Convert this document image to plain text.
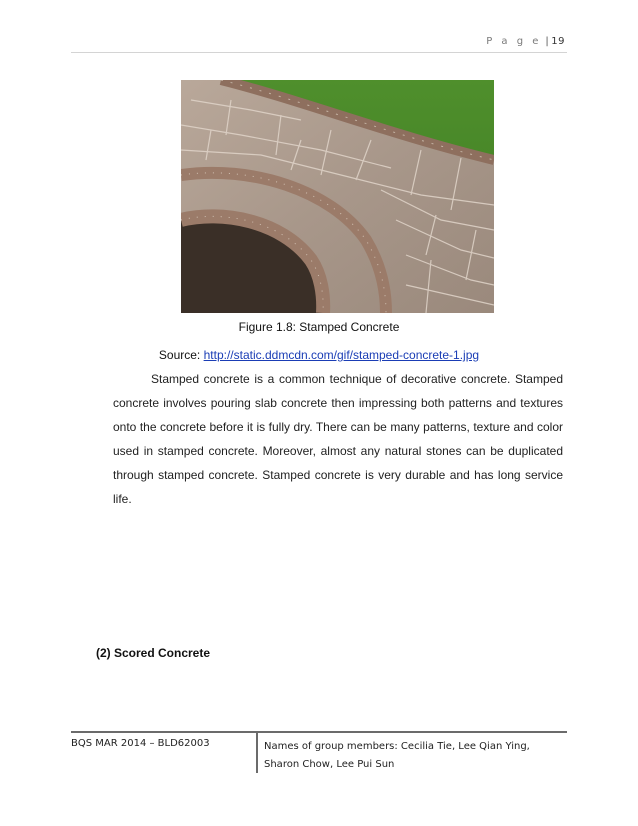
P a g e | 19
Figure 1.8: Stamped Concrete
Source: http://static.ddmcdn.com/gif/stamped-concrete-1.jpg

Stamped concrete is a common technique of decorative concrete. Stamped concrete involves pouring slab concrete then impressing both patterns and textures onto the concrete before it is fully dry. There can be many patterns, texture and color used in stamped concrete. Moreover, almost any natural stones can be duplicated through stamped concrete. Stamped concrete is very durable and has long service life.

(2) Scored Concrete
BQS MAR 2014 – BLD62003	Names of group members: Cecilia Tie, Lee Qian Ying, Sharon Chow, Lee Pui Sun
